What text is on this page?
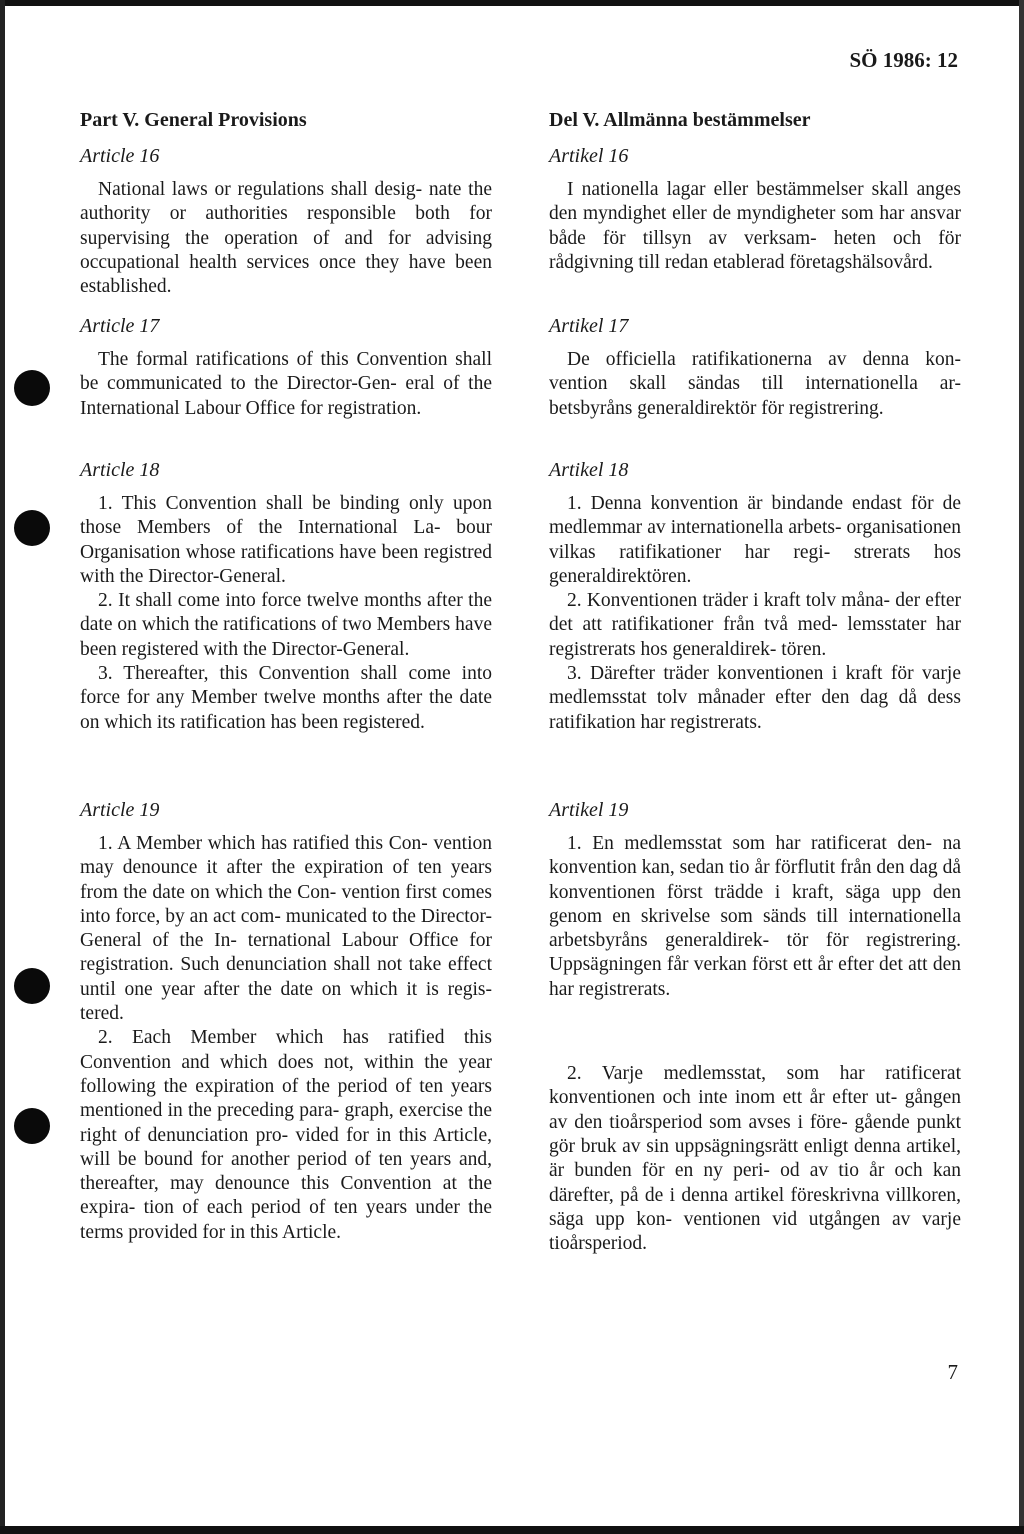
SÖ 1986: 12
Part V. General Provisions
Article 16

National laws or regulations shall desig- nate the authority or authorities responsible both for supervising the operation of and for advising occupational health services once they have been established.

Article 17

The formal ratifications of this Convention shall be communicated to the Director-Gen- eral of the International Labour Office for registration.

Article 18

1. This Convention shall be binding only upon those Members of the International La- bour Organisation whose ratifications have been registred with the Director-General.

2. It shall come into force twelve months after the date on which the ratifications of two Members have been registered with the Director-General.

3. Thereafter, this Convention shall come into force for any Member twelve months after the date on which its ratification has been registered.

Article 19

1. A Member which has ratified this Con- vention may denounce it after the expiration of ten years from the date on which the Con- vention first comes into force, by an act com- municated to the Director-General of the In- ternational Labour Office for registration. Such denunciation shall not take effect until one year after the date on which it is regis- tered.

2. Each Member which has ratified this Convention and which does not, within the year following the expiration of the period of ten years mentioned in the preceding para- graph, exercise the right of denunciation pro- vided for in this Article, will be bound for another period of ten years and, thereafter, may denounce this Convention at the expira- tion of each period of ten years under the terms provided for in this Article.

Del V. Allmänna bestämmelser
Artikel 16

I nationella lagar eller bestämmelser skall anges den myndighet eller de myndigheter som har ansvar både för tillsyn av verksam- heten och för rådgivning till redan etablerad företagshälsovård.

Artikel 17

De officiella ratifikationerna av denna kon- vention skall sändas till internationella ar- betsbyråns generaldirektör för registrering.

Artikel 18

1. Denna konvention är bindande endast för de medlemmar av internationella arbets- organisationen vilkas ratifikationer har regi- strerats hos generaldirektören.

2. Konventionen träder i kraft tolv måna- der efter det att ratifikationer från två med- lemsstater har registrerats hos generaldirek- tören.

3. Därefter träder konventionen i kraft för varje medlemsstat tolv månader efter den dag då dess ratifikation har registrerats.

Artikel 19

1. En medlemsstat som har ratificerat den- na konvention kan, sedan tio år förflutit från den dag då konventionen först trädde i kraft, säga upp den genom en skrivelse som sänds till internationella arbetsbyråns generaldirek- tör för registrering. Uppsägningen får verkan först ett år efter det att den har registrerats.

2. Varje medlemsstat, som har ratificerat konventionen och inte inom ett år efter ut- gången av den tioårsperiod som avses i före- gående punkt gör bruk av sin uppsägningsrätt enligt denna artikel, är bunden för en ny peri- od av tio år och kan därefter, på de i denna artikel föreskrivna villkoren, säga upp kon- ventionen vid utgången av varje tioårsperiod.

7
